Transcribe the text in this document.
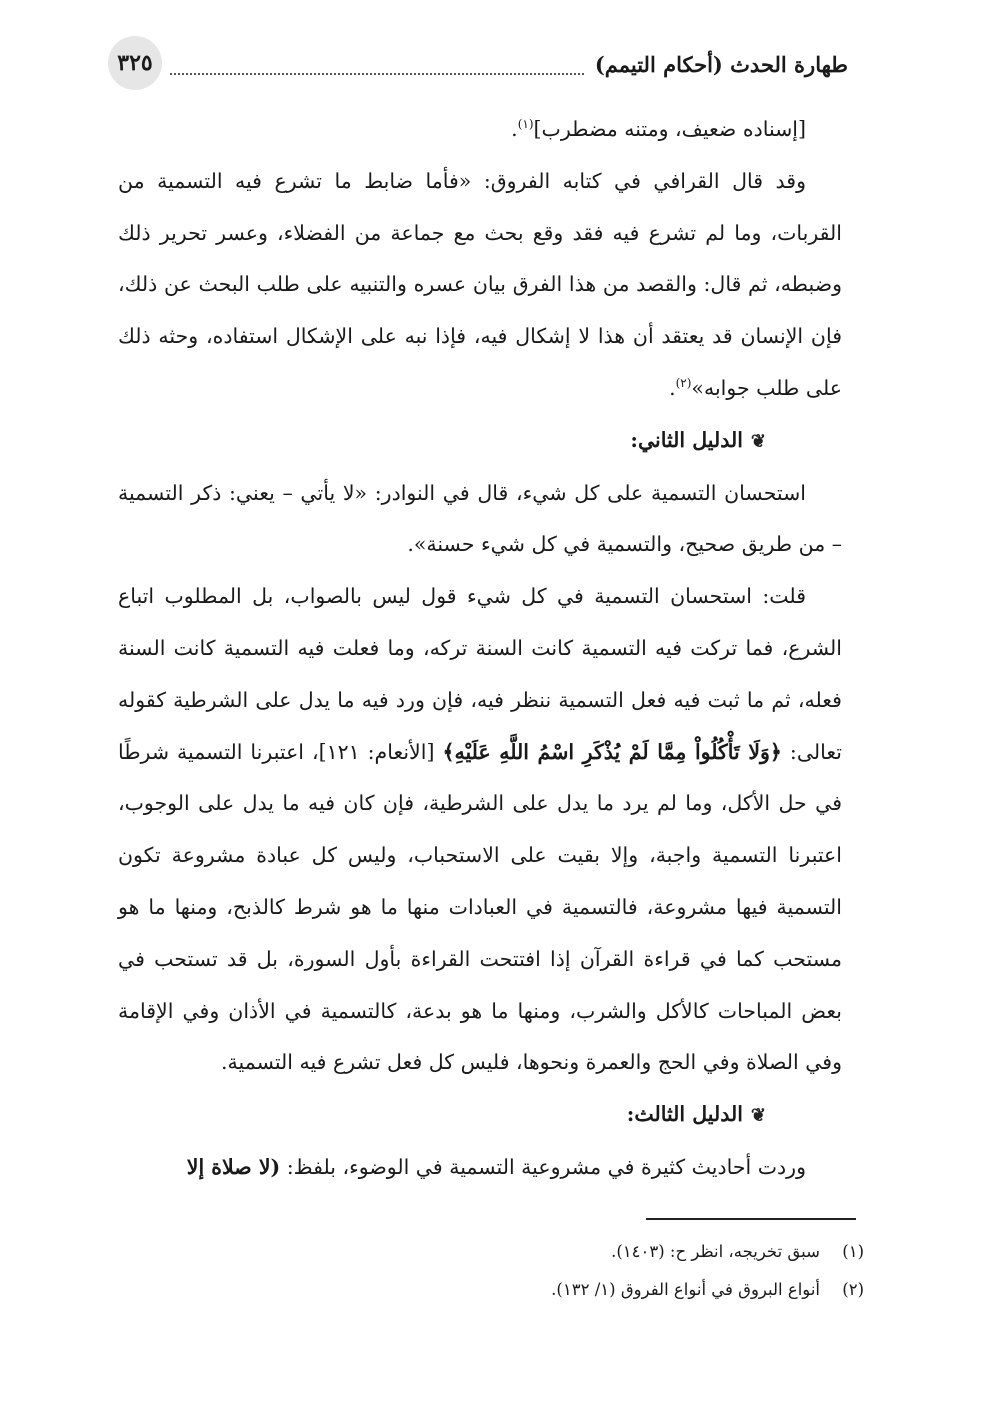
٣٢٥	طهارة الحدث (أحكام التيمم)

[إسناده ضعيف، ومتنه مضطرب]$^{(١)}$.

وقد قال القرافي في كتابه الفروق: «فأما ضابط ما تشرع فيه التسمية من القربات، وما لم تشرع فيه فقد وقع بحث مع جماعة من الفضلاء، وعسر تحرير ذلك وضبطه، ثم قال: والقصد من هذا الفرق بيان عسره والتنبيه على طلب البحث عن ذلك، فإن الإنسان قد يعتقد أن هذا لا إشكال فيه، فإذا نبه على الإشكال استفاده، وحثه ذلك على طلب جوابه»$^{(٢)}$.

❦الدليل الثاني:

استحسان التسمية على كل شيء، قال في النوادر: «لا يأتي – يعني: ذكر التسمية – من طريق صحيح، والتسمية في كل شيء حسنة».

قلت: استحسان التسمية في كل شيء قول ليس بالصواب، بل المطلوب اتباع الشرع، فما تركت فيه التسمية كانت السنة تركه، وما فعلت فيه التسمية كانت السنة فعله، ثم ما ثبت فيه فعل التسمية ننظر فيه، فإن ورد فيه ما يدل على الشرطية كقوله تعالى: ﴿وَلَا تَأْكُلُواْ مِمَّا لَمْ يُذْكَرِ اسْمُ اللَّهِ عَلَيْهِ﴾ [الأنعام: ١٢١]، اعتبرنا التسمية شرطًا في حل الأكل، وما لم يرد ما يدل على الشرطية، فإن كان فيه ما يدل على الوجوب، اعتبرنا التسمية واجبة، وإلا بقيت على الاستحباب، وليس كل عبادة مشروعة تكون التسمية فيها مشروعة، فالتسمية في العبادات منها ما هو شرط كالذبح، ومنها ما هو مستحب كما في قراءة القرآن إذا افتتحت القراءة بأول السورة، بل قد تستحب في بعض المباحات كالأكل والشرب، ومنها ما هو بدعة، كالتسمية في الأذان وفي الإقامة وفي الصلاة وفي الحج والعمرة ونحوها، فليس كل فعل تشرع فيه التسمية.

❦الدليل الثالث:

وردت أحاديث كثيرة في مشروعية التسمية في الوضوء، بلفظ: (لا صلاة إلا

(١)سبق تخريجه، انظر ح: (١٤٠٣).

(٢)أنواع البروق في أنواع الفروق (١/ ١٣٢).
